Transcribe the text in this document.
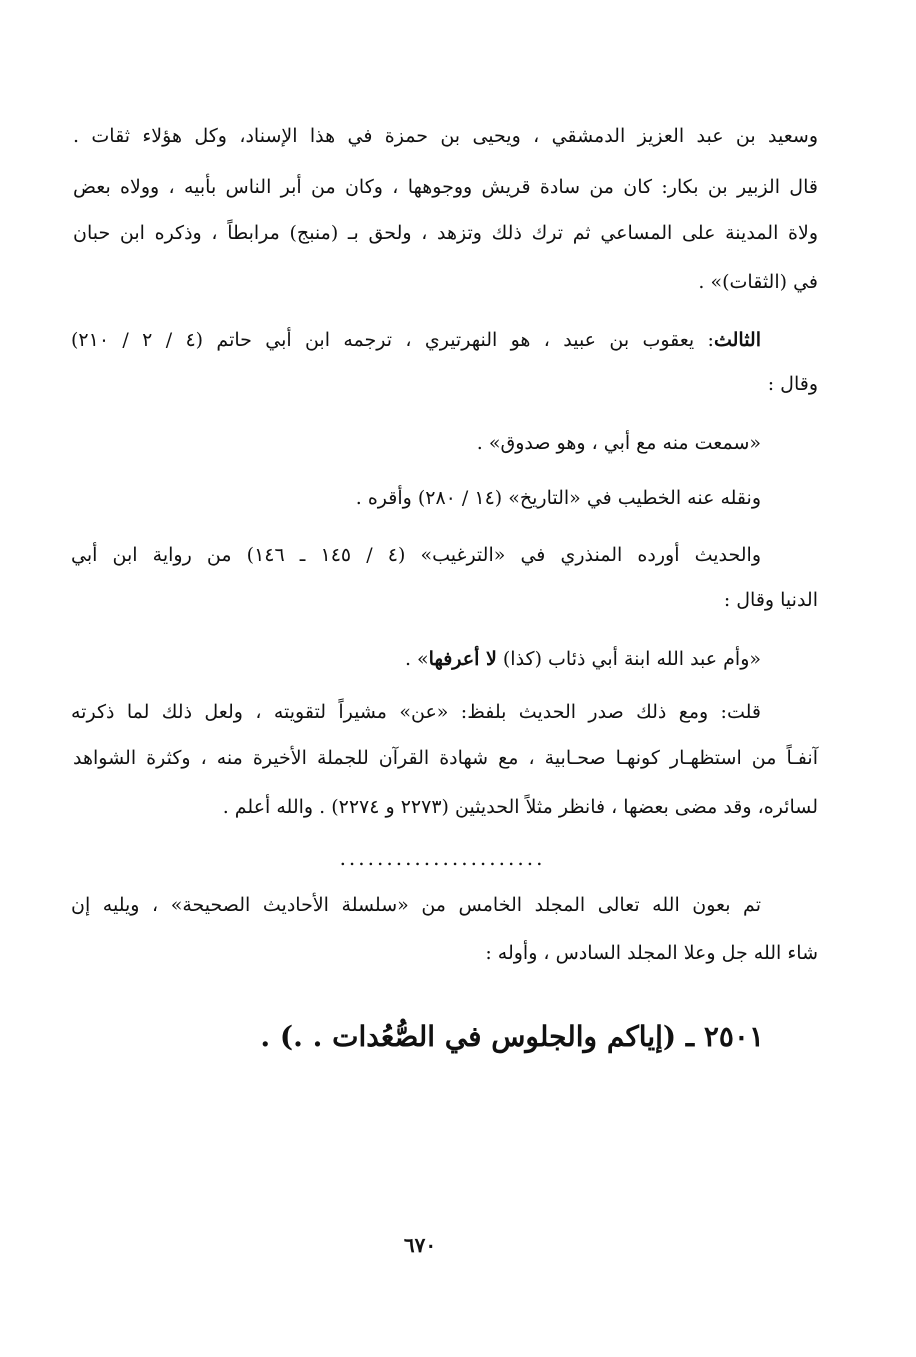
وسعيد بن عبد العزيز الدمشقي ، ويحيى بن حمزة في هذا الإسناد، وكل هؤلاء ثقات .
قال الزبير بن بكار: كان من سادة قريش ووجوهها ، وكان من أبر الناس بأبيه ، وولاه بعض
ولاة المدينة على المساعي ثم ترك ذلك وتزهد ، ولحق بـ (منبج) مرابطاً ، وذكره ابن حبان
في (الثقات)» .
الثالث: يعقوب بن عبيد ، هو النهرتيري ، ترجمه ابن أبي حاتم (٤ / ٢ / ٢١٠)
وقال :
«سمعت منه مع أبي ، وهو صدوق» .
ونقله عنه الخطيب في «التاريخ» (١٤ / ٢٨٠) وأقره .
والحديث أورده المنذري في «الترغيب» (٤ / ١٤٥ ـ ١٤٦) من رواية ابن أبي
الدنيا وقال :
«وأم عبد الله ابنة أبي ذئاب (كذا) لا أعرفها» .
قلت: ومع ذلك صدر الحديث بلفظ: «عن» مشيراً لتقويته ، ولعل ذلك لما ذكرته
آنفـاً من استظهـار كونهـا صحـابية ، مع شهادة القرآن للجملة الأخيرة منه ، وكثرة الشواهد
لسائره، وقد مضى بعضها ، فانظر مثلاً الحديثين (٢٢٧٣ و ٢٢٧٤) . والله أعلم .
......................
تم بعون الله تعالى المجلد الخامس من «سلسلة الأحاديث الصحيحة» ، ويليه إن
شاء الله جل وعلا المجلد السادس ، وأوله :
٢٥٠١ ـ (إياكم والجلوس في الصُّعُدات . .) .
٦٧٠
